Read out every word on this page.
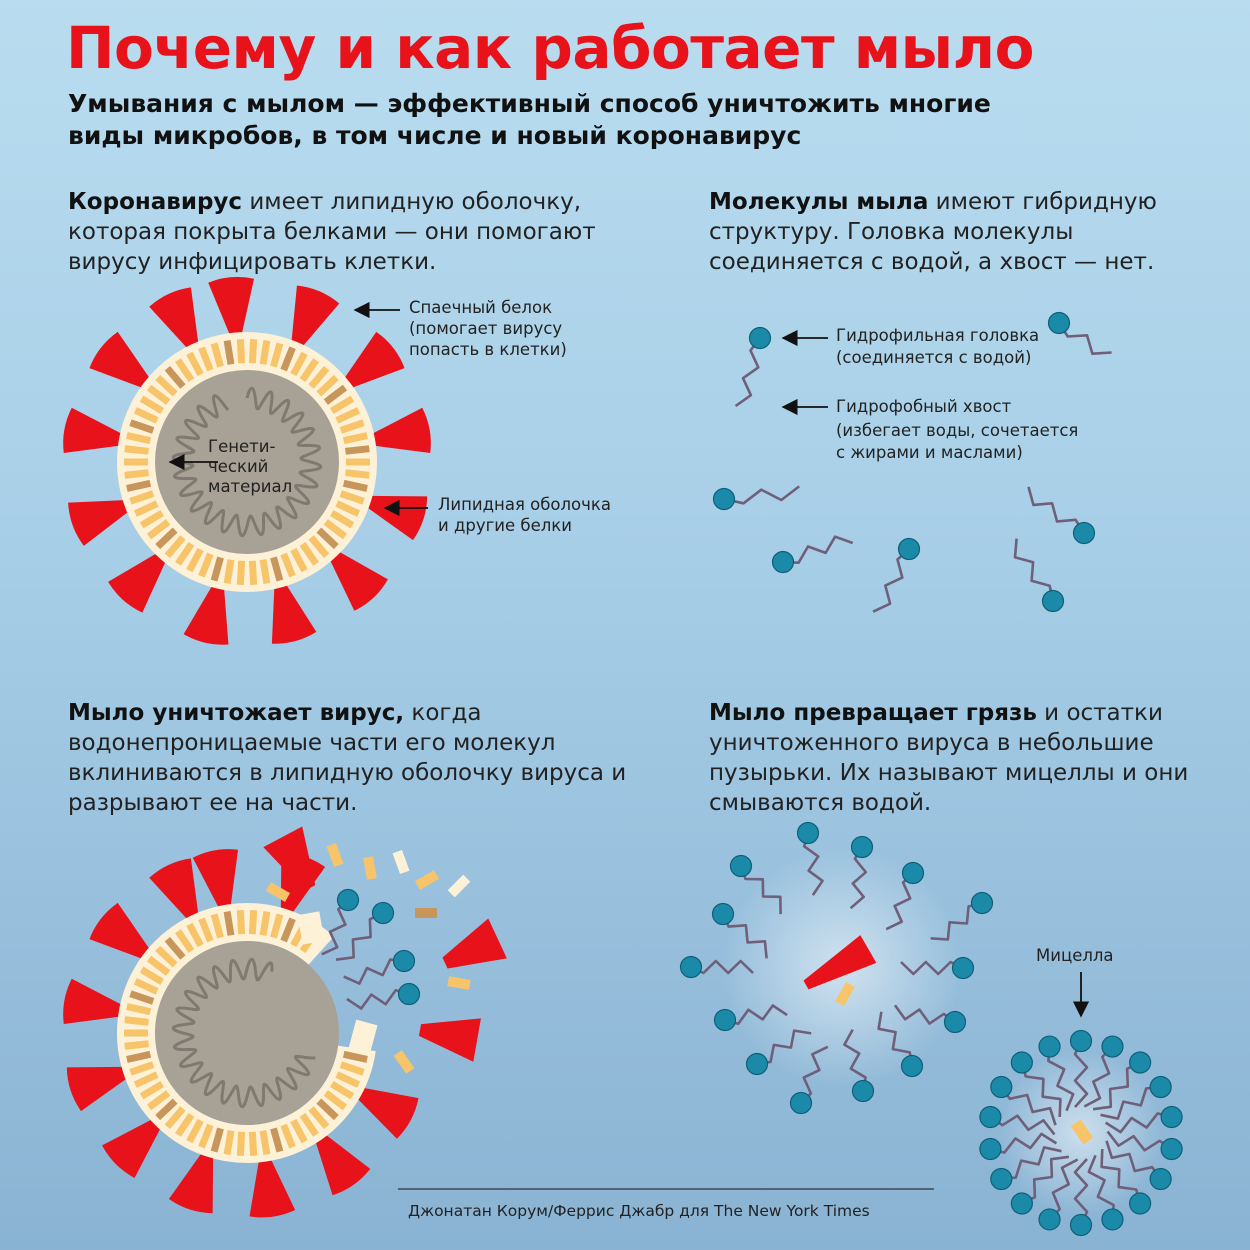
Почему и как работает мыло
Умывания с мылом — эффективный способ уничтожить многие виды микробов, в том числе и новый коронавирус
Коронавирус имеет липидную оболочку, которая покрыта белками — они помогают вирусу инфицировать клетки.
Молекулы мыла имеют гибридную структуру. Головка молекулы соединяется с водой, а хвост — нет.
Мыло уничтожает вирус, когда водонепроницаемые части его молекул вклиниваются в липидную оболочку вируса и разрывают ее на части.
Мыло превращает грязь и остатки уничтоженного вируса в небольшие пузырьки. Их называют мицеллы и они смываются водой.
Спаечный белок
(помогает вирусу
попасть в клетки)
Генети-
ческий
материал
Липидная оболочка
и другие белки
Гидрофильная головка
(соединяется с водой)
Гидрофобный хвост
(избегает воды, сочетается
с жирами и маслами)
Мицелла
Джонатан Корум/Феррис Джабр для The New York Times
